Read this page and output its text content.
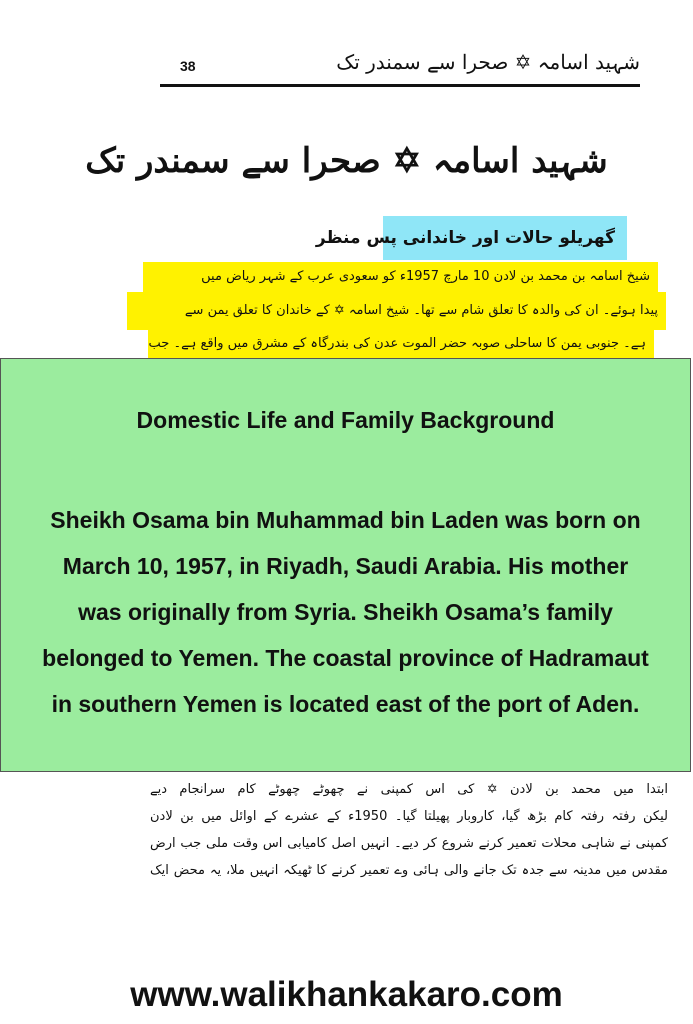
38	شہید اسامہ ✡ صحرا سے سمندر تک
شہید اسامہ ✡ صحرا سے سمندر تک
گھریلو حالات اور خاندانی پس منظر
شیخ اسامہ بن محمد بن لادن 10 مارچ 1957ء کو سعودی عرب کے شہر ریاض میں
پیدا ہوئے۔ ان کی والدہ کا تعلق شام سے تھا۔ شیخ اسامہ ✡ کے خاندان کا تعلق یمن سے
ہے۔ جنوبی یمن کا ساحلی صوبہ حضر الموت عدن کی بندرگاہ کے مشرق میں واقع ہے۔ جب
Domestic Life and Family Background
Sheikh Osama bin Muhammad bin Laden was born on
March 10, 1957, in Riyadh, Saudi Arabia. His mother
was originally from Syria. Sheikh Osama’s family
belonged to Yemen. The coastal province of Hadramaut
in southern Yemen is located east of the port of Aden.
ابتدا میں محمد بن لادن ✡ کی اس کمپنی نے چھوٹے چھوٹے کام سرانجام دیے
لیکن رفتہ رفتہ کام بڑھ گیا، کاروبار پھیلتا گیا۔ 1950ء کے عشرے کے اوائل میں بن لادن
کمپنی نے شاہی محلات تعمیر کرنے شروع کر دیے۔ انہیں اصل کامیابی اس وقت ملی جب ارض
مقدس میں مدینہ سے جدہ تک جانے والی ہائی وے تعمیر کرنے کا ٹھیکہ انہیں ملا، یہ محض ایک
www.walikhankakaro.com
